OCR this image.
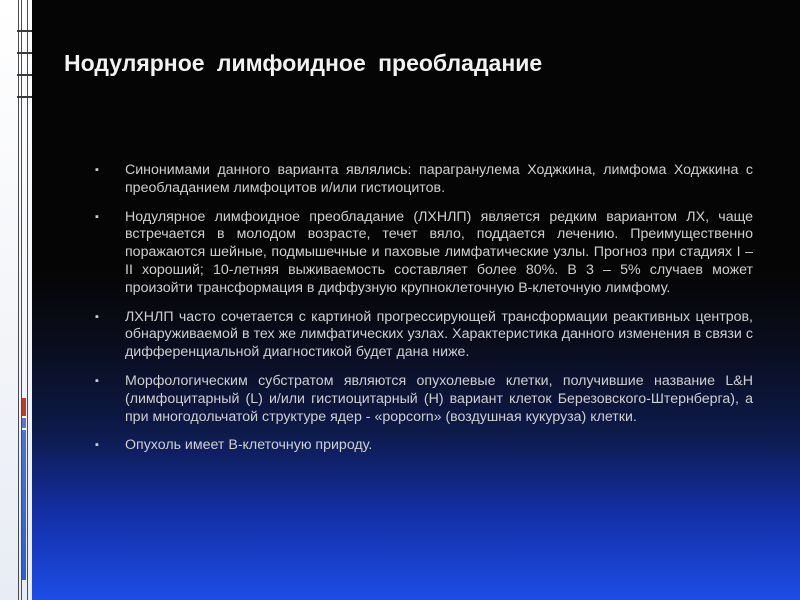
Нодулярное лимфоидное преобладание
▪ Синонимами данного варианта являлись: парагранулема Ходжкина, лимфома Ходжкина с преобладанием лимфоцитов и/или гистиоцитов.
▪ Нодулярное лимфоидное преобладание (ЛХНЛП) является редким вариантом ЛХ, чаще встречается в молодом возрасте, течет вяло, поддается лечению. Преимущественно поражаются шейные, подмышечные и паховые лимфатические узлы. Прогноз при стадиях I – II хороший; 10-летняя выживаемость составляет более 80%. В 3 – 5% случаев может произойти трансформация в диффузную крупноклеточную В-клеточную лимфому.
▪ ЛХНЛП часто сочетается с картиной прогрессирующей трансформации реактивных центров, обнаруживаемой в тех же лимфатических узлах. Характеристика данного изменения в связи с дифференциальной диагностикой будет дана ниже.
▪ Морфологическим субстратом являются опухолевые клетки, получившие название L&H (лимфоцитарный (L) и/или гистиоцитарный (H) вариант клеток Березовского-Штернберга), а при многодольчатой структуре ядер - «popcorn» (воздушная кукуруза) клетки.
▪ Опухоль имеет В-клеточную природу.
